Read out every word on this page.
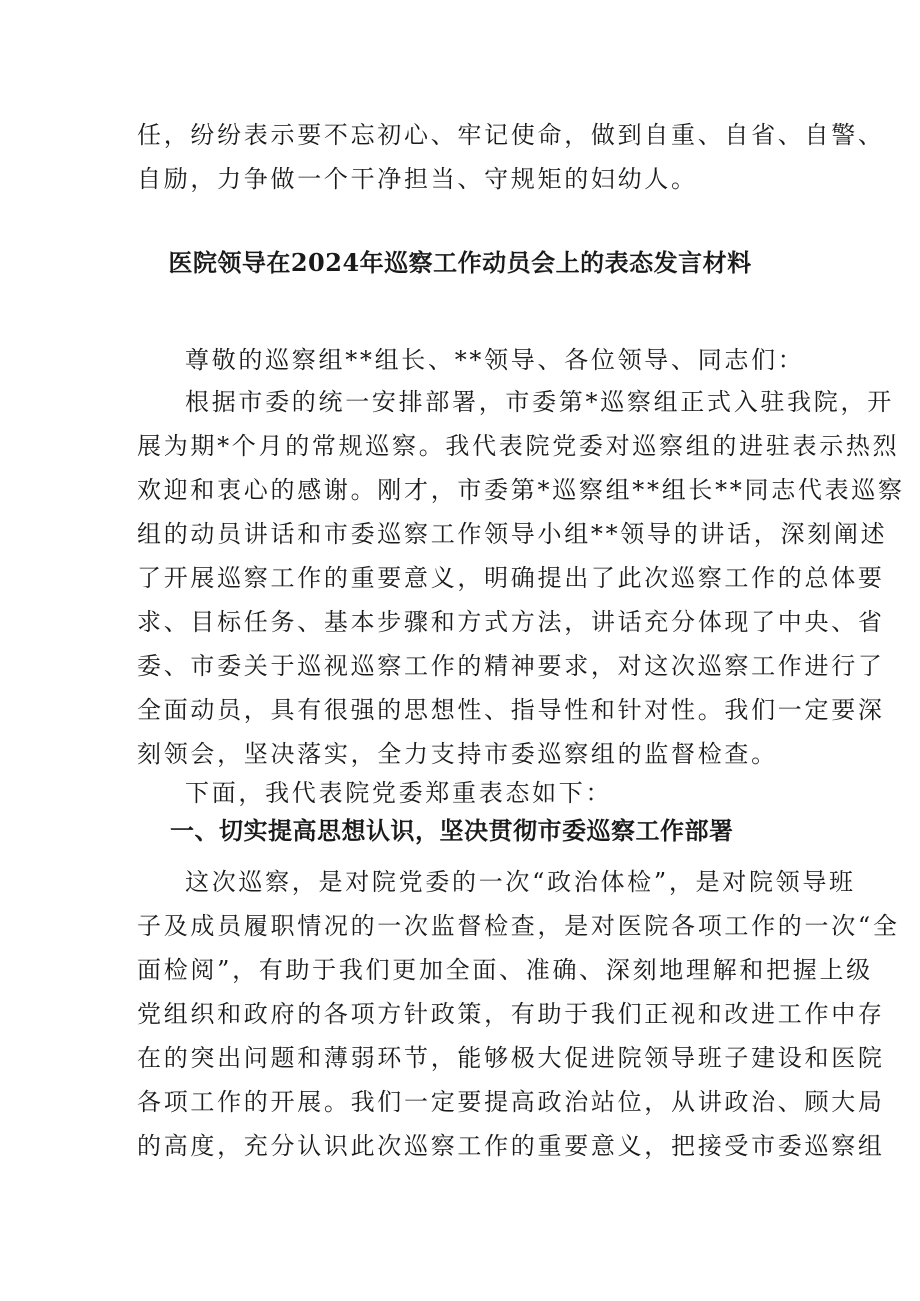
任，纷纷表示要不忘初心、牢记使命，做到自重、自省、自警、
自励，力争做一个干净担当、守规矩的妇幼人。
医院领导在2024年巡察工作动员会上的表态发言材料
尊敬的巡察组**组长、**领导、各位领导、同志们：
根据市委的统一安排部署，市委第*巡察组正式入驻我院，开
展为期*个月的常规巡察。我代表院党委对巡察组的进驻表示热烈
欢迎和衷心的感谢。刚才，市委第*巡察组**组长**同志代表巡察
组的动员讲话和市委巡察工作领导小组**领导的讲话，深刻阐述
了开展巡察工作的重要意义，明确提出了此次巡察工作的总体要
求、目标任务、基本步骤和方式方法，讲话充分体现了中央、省
委、市委关于巡视巡察工作的精神要求，对这次巡察工作进行了
全面动员，具有很强的思想性、指导性和针对性。我们一定要深
刻领会，坚决落实，全力支持市委巡察组的监督检查。
下面，我代表院党委郑重表态如下：
一、切实提高思想认识，坚决贯彻市委巡察工作部署
这次巡察，是对院党委的一次“政治体检”，是对院领导班
子及成员履职情况的一次监督检查，是对医院各项工作的一次“全
面检阅”，有助于我们更加全面、准确、深刻地理解和把握上级
党组织和政府的各项方针政策，有助于我们正视和改进工作中存
在的突出问题和薄弱环节，能够极大促进院领导班子建设和医院
各项工作的开展。我们一定要提高政治站位，从讲政治、顾大局
的高度，充分认识此次巡察工作的重要意义，把接受市委巡察组
